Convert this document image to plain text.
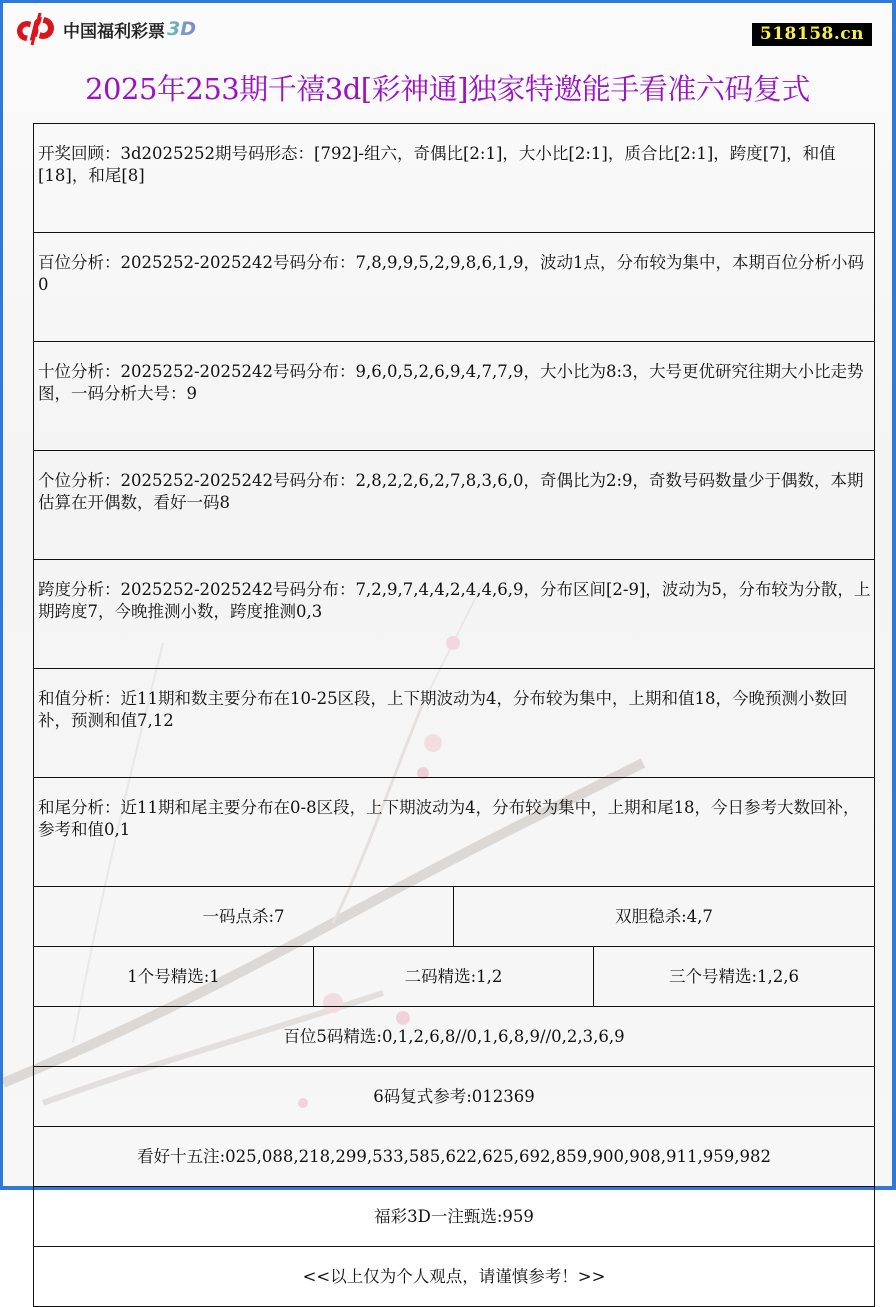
中国福利彩票 3D	518158.cn
2025年253期千禧3d[彩神通]独家特邀能手看准六码复式
开奖回顾：3d2025252期号码形态：[792]-组六，奇偶比[2:1]，大小比[2:1]，质合比[2:1]，跨度[7]，和值[18]，和尾[8]			
百位分析：2025252-2025242号码分布：7,8,9,9,5,2,9,8,6,1,9，波动1点，分布较为集中，本期百位分析小码0			
十位分析：2025252-2025242号码分布：9,6,0,5,2,6,9,4,7,7,9，大小比为8:3，大号更优研究往期大小比走势图，一码分析大号：9			
个位分析：2025252-2025242号码分布：2,8,2,2,6,2,7,8,3,6,0，奇偶比为2:9，奇数号码数量少于偶数，本期估算在开偶数，看好一码8			
跨度分析：2025252-2025242号码分布：7,2,9,7,4,4,2,4,4,6,9，分布区间[2-9]，波动为5，分布较为分散，上期跨度7，今晚推测小数，跨度推测0,3			
和值分析：近11期和数主要分布在10-25区段，上下期波动为4，分布较为集中，上期和值18，今晚预测小数回补，预测和值7,12			
和尾分析：近11期和尾主要分布在0-8区段，上下期波动为4，分布较为集中，上期和尾18，今日参考大数回补，参考和值0,1			
一码点杀:7		双胆稳杀:4,7	
1个号精选:1	二码精选:1,2		三个号精选:1,2,6
百位5码精选:0,1,2,6,8//0,1,6,8,9//0,2,3,6,9			
6码复式参考:012369			
看好十五注:025,088,218,299,533,585,622,625,692,859,900,908,911,959,982			
福彩3D一注甄选:959			
<<以上仅为个人观点，请谨慎参考！>>			
